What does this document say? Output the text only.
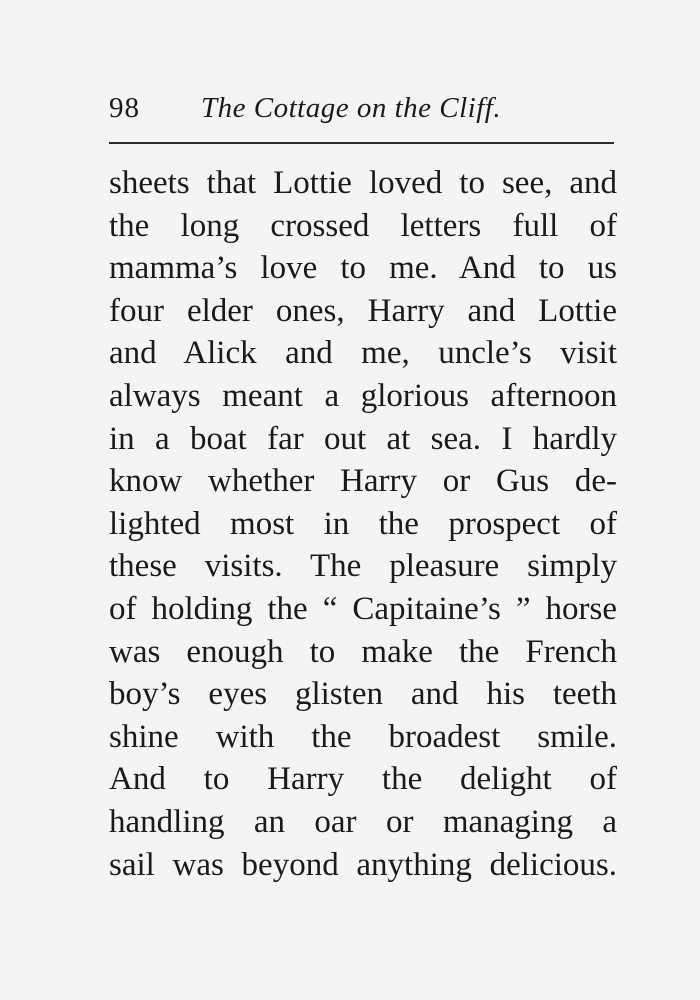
98 The Cottage on the Cliff.
sheets that Lottie loved to see, and
the long crossed letters full of
mamma’s love to me. And to us
four elder ones, Harry and Lottie
and Alick and me, uncle’s visit
always meant a glorious afternoon
in a boat far out at sea. I hardly
know whether Harry or Gus de-
lighted most in the prospect of
these visits. The pleasure simply
of holding the “ Capitaine’s ” horse
was enough to make the French
boy’s eyes glisten and his teeth
shine with the broadest smile.
And to Harry the delight of
handling an oar or managing a
sail was beyond anything delicious.
